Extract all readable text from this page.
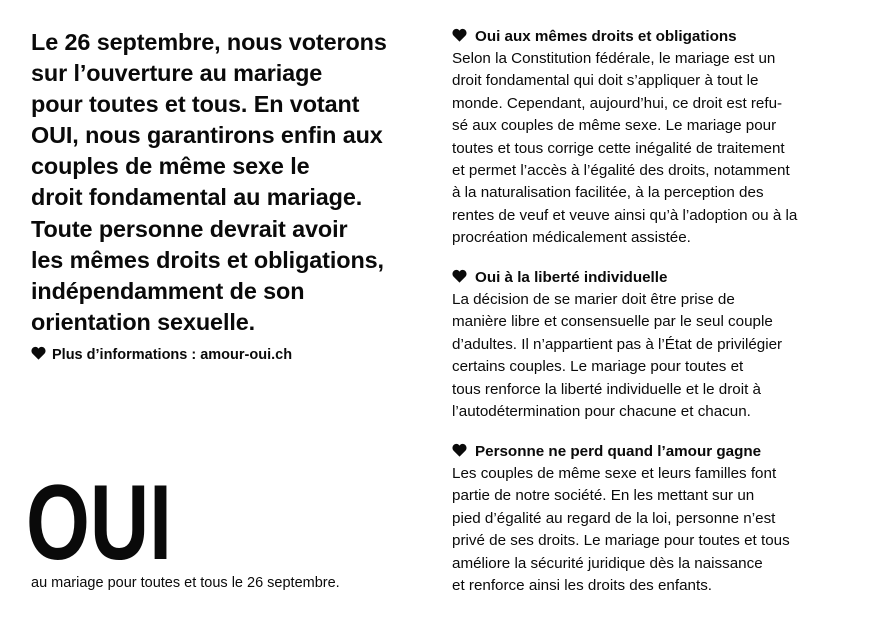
Le 26 septembre, nous voterons
sur l’ouverture au mariage
pour toutes et tous. En votant
OUI, nous garantirons enfin aux
couples de même sexe le
droit fondamental au mariage.
Toute personne devrait avoir
les mêmes droits et obligations,
indépendamment de son
orientation sexuelle.
Plus d’informations : amour-oui.ch
OUI
au mariage pour toutes et tous le 26 septembre.
Oui aux mêmes droits et obligations
Selon la Constitution fédérale, le mariage est un
droit fondamental qui doit s’appliquer à tout le
monde. Cependant, aujourd’hui, ce droit est refu-
sé aux couples de même sexe. Le mariage pour
toutes et tous corrige cette inégalité de traitement
et permet l’accès à l’égalité des droits, notamment
à la naturalisation facilitée, à la perception des
rentes de veuf et veuve ainsi qu’à l’adoption ou à la
procréation médicalement assistée.
Oui à la liberté individuelle
La décision de se marier doit être prise de
manière libre et consensuelle par le seul couple
d’adultes. Il n’appartient pas à l’État de privilégier
certains couples. Le mariage pour toutes et
tous renforce la liberté individuelle et le droit à
l’autodétermination pour chacune et chacun.
Personne ne perd quand l’amour gagne
Les couples de même sexe et leurs familles font
partie de notre société. En les mettant sur un
pied d’égalité au regard de la loi, personne n’est
privé de ses droits. Le mariage pour toutes et tous
améliore la sécurité juridique dès la naissance
et renforce ainsi les droits des enfants.
